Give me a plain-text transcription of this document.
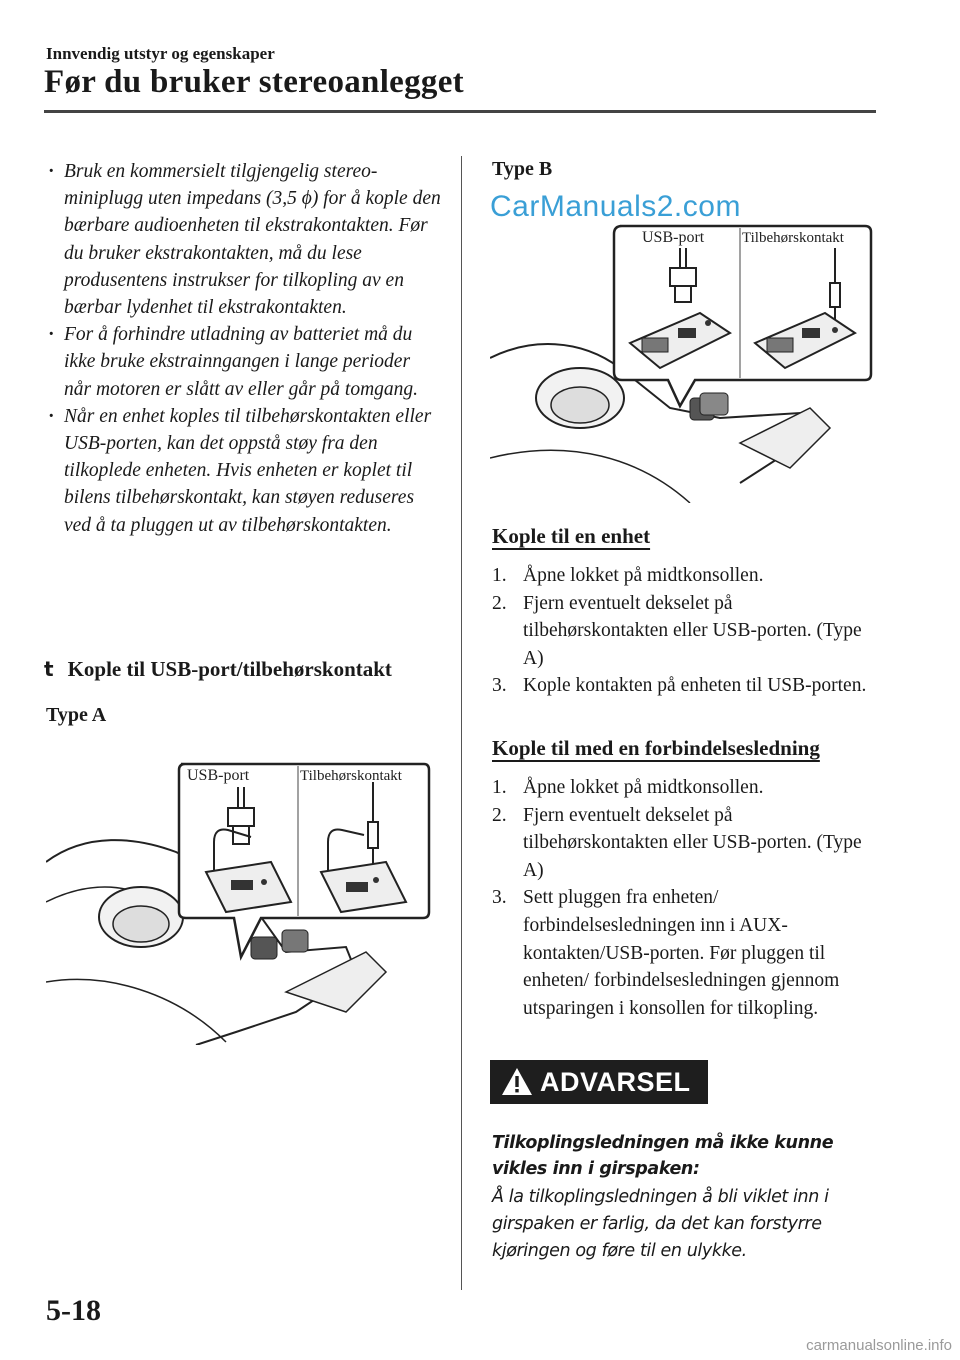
Innvendig utstyr og egenskaper
Før du bruker stereoanlegget
· Bruk en kommersielt tilgjengelig stereo-miniplugg uten impedans (3,5 ϕ) for å kople den bærbare audioenheten til ekstrakontakten. Før du bruker ekstrakontakten, må du lese produsentens instrukser for tilkopling av en bærbar lydenhet til ekstrakontakten.
· For å forhindre utladning av batteriet må du ikke bruke ekstrainngangen i lange perioder når motoren er slått av eller går på tomgang.
· Når en enhet koples til tilbehørskontakten eller USB-porten, kan det oppstå støy fra den tilkoplede enheten. Hvis enheten er koplet til bilens tilbehørskontakt, kan støyen reduseres ved å ta pluggen ut av tilbehørskontakten.
t Kople til USB-port/tilbehørskontakt
Type A
USB-port	Tilbehørskontakt
Type B
CarManuals2.com
USB-port	Tilbehørskontakt
Kople til en enhet
1. Åpne lokket på midtkonsollen.
2. Fjern eventuelt dekselet på tilbehørskontakten eller USB-porten. (Type A)
3. Kople kontakten på enheten til USB-porten.
Kople til med en forbindelsesledning
1. Åpne lokket på midtkonsollen.
2. Fjern eventuelt dekselet på tilbehørskontakten eller USB-porten. (Type A)
3. Sett pluggen fra enheten/ forbindelsesledningen inn i AUX-kontakten/USB-porten. Før pluggen til enheten/ forbindelsesledningen gjennom utsparingen i konsollen for tilkopling.
ADVARSEL
Tilkoplingsledningen må ikke kunne vikles inn i girspaken:
Å la tilkoplingsledningen å bli viklet inn i girspaken er farlig, da det kan forstyrre kjøringen og føre til en ulykke.
5-18
carmanualsonline.info
